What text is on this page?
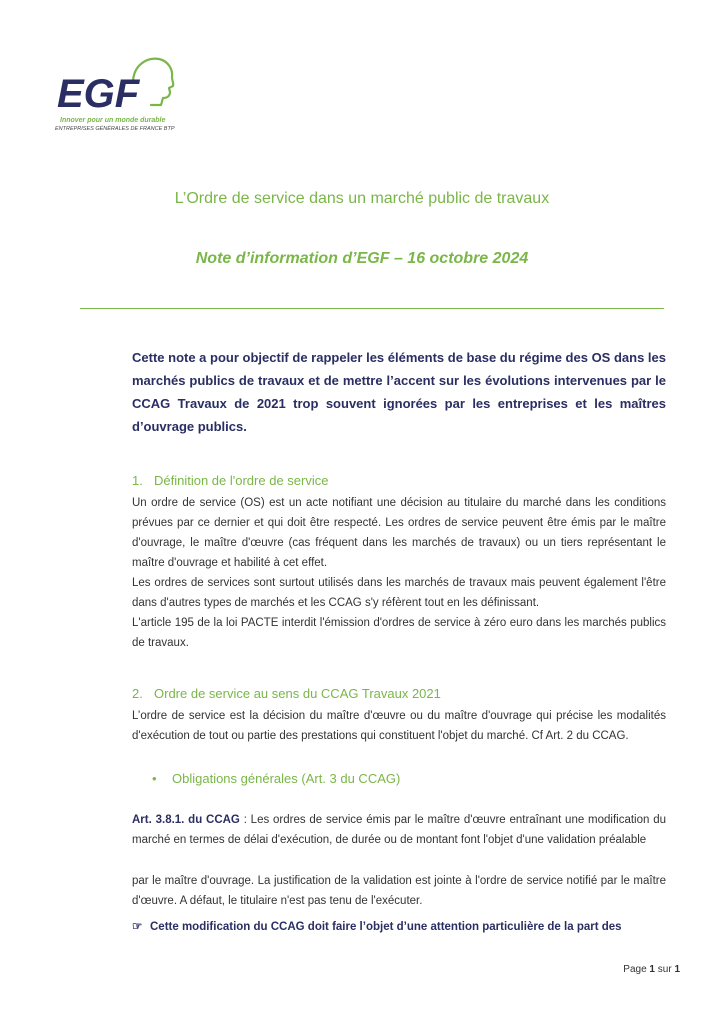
EGF
Innover pour un monde durable
ENTREPRISES GÉNÉRALES DE FRANCE BTP
L’Ordre de service dans un marché public de travaux
Note d’information d’EGF – 16 octobre 2024
Cette note a pour objectif de rappeler les éléments de base du régime des OS dans les marchés publics de travaux et de mettre l’accent sur les évolutions intervenues par le CCAG Travaux de 2021 trop souvent ignorées par les entreprises et les maîtres d’ouvrage publics.
1. Définition de l'ordre de service

Un ordre de service (OS) est un acte notifiant une décision au titulaire du marché dans les conditions prévues par ce dernier et qui doit être respecté. Les ordres de service peuvent être émis par le maître d'ouvrage, le maître d'œuvre (cas fréquent dans les marchés de travaux) ou un tiers représentant le maître d'ouvrage et habilité à cet effet.

Les ordres de services sont surtout utilisés dans les marchés de travaux mais peuvent également l'être dans d'autres types de marchés et les CCAG s'y réfèrent tout en les définissant.

L'article 195 de la loi PACTE interdit l'émission d'ordres de service à zéro euro dans les marchés publics de travaux.

2. Ordre de service au sens du CCAG Travaux 2021
L’ordre de service est la décision du maître d'œuvre ou du maître d'ouvrage qui précise les modalités d'exécution de tout ou partie des prestations qui constituent l'objet du marché. Cf Art. 2 du CCAG.
• Obligations générales (Art. 3 du CCAG)
Art. 3.8.1. du CCAG : Les ordres de service émis par le maître d'œuvre entraînant une modification du marché en termes de délai d'exécution, de durée ou de montant font l'objet d'une validation préalable
par le maître d'ouvrage. La justification de la validation est jointe à l'ordre de service notifié par le maître d'œuvre. A défaut, le titulaire n'est pas tenu de l'exécuter.
☞ Cette modification du CCAG doit faire l’objet d’une attention particulière de la part des
Page 1 sur 1
